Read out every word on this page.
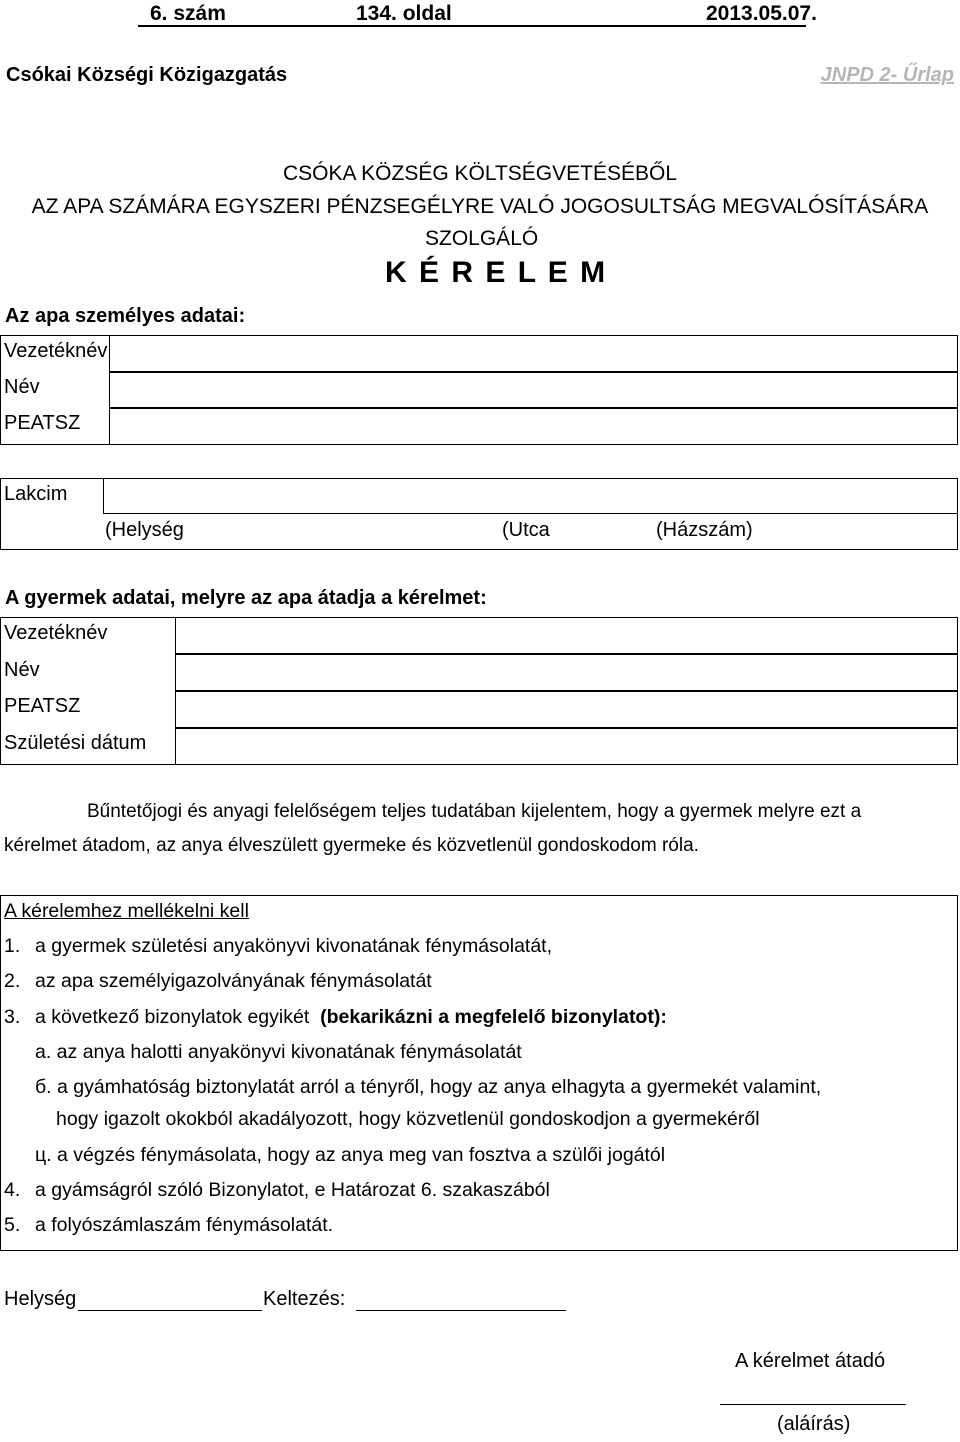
6. szám	134. oldal	2013.05.07.
Csókai Községi Közigazgatás	JNPD 2- Űrlap
CSÓKA KÖZSÉG KÖLTSÉGVETÉSÉBŐL
AZ APA SZÁMÁRA EGYSZERI PÉNZSEGÉLYRE VALÓ JOGOSULTSÁG MEGVALÓSÍTÁSÁRA
SZOLGÁLÓ
K É R E L E M
Az apa személyes adatai:
Vezetéknév
Név
PEATSZ
Lakcim
(Helység	(Utca	(Házszám)
A gyermek adatai, melyre az apa átadja a kérelmet:
Vezetéknév
Név
PEATSZ
Születési dátum
Bűntetőjogi és anyagi felelőségem teljes tudatában kijelentem, hogy a gyermek melyre ezt a
kérelmet átadom, az anya élveszülett gyermeke és közvetlenül gondoskodom róla.
A kérelemhez mellékelni kell
1. a gyermek születési anyakönyvi kivonatának fénymásolatát,
2. az apa személyigazolványának fénymásolatát
3. a következő bizonylatok egyikét (bekarikázni a megfelelő bizonylatot):
a. az anya halotti anyakönyvi kivonatának fénymásolatát
б. a gyámhatóság biztonylatát arról a tényről, hogy az anya elhagyta a gyermekét valamint,
hogy igazolt okokból akadályozott, hogy közvetlenül gondoskodjon a gyermekéről
ц. a végzés fénymásolata, hogy az anya meg van fosztva a szülői jogától
4. a gyámságról szóló Bizonylatot, e Határozat 6. szakaszából
5. a folyószámlaszám fénymásolatát.
Helység	Keltezés:
A kérelmet átadó
(aláírás)
